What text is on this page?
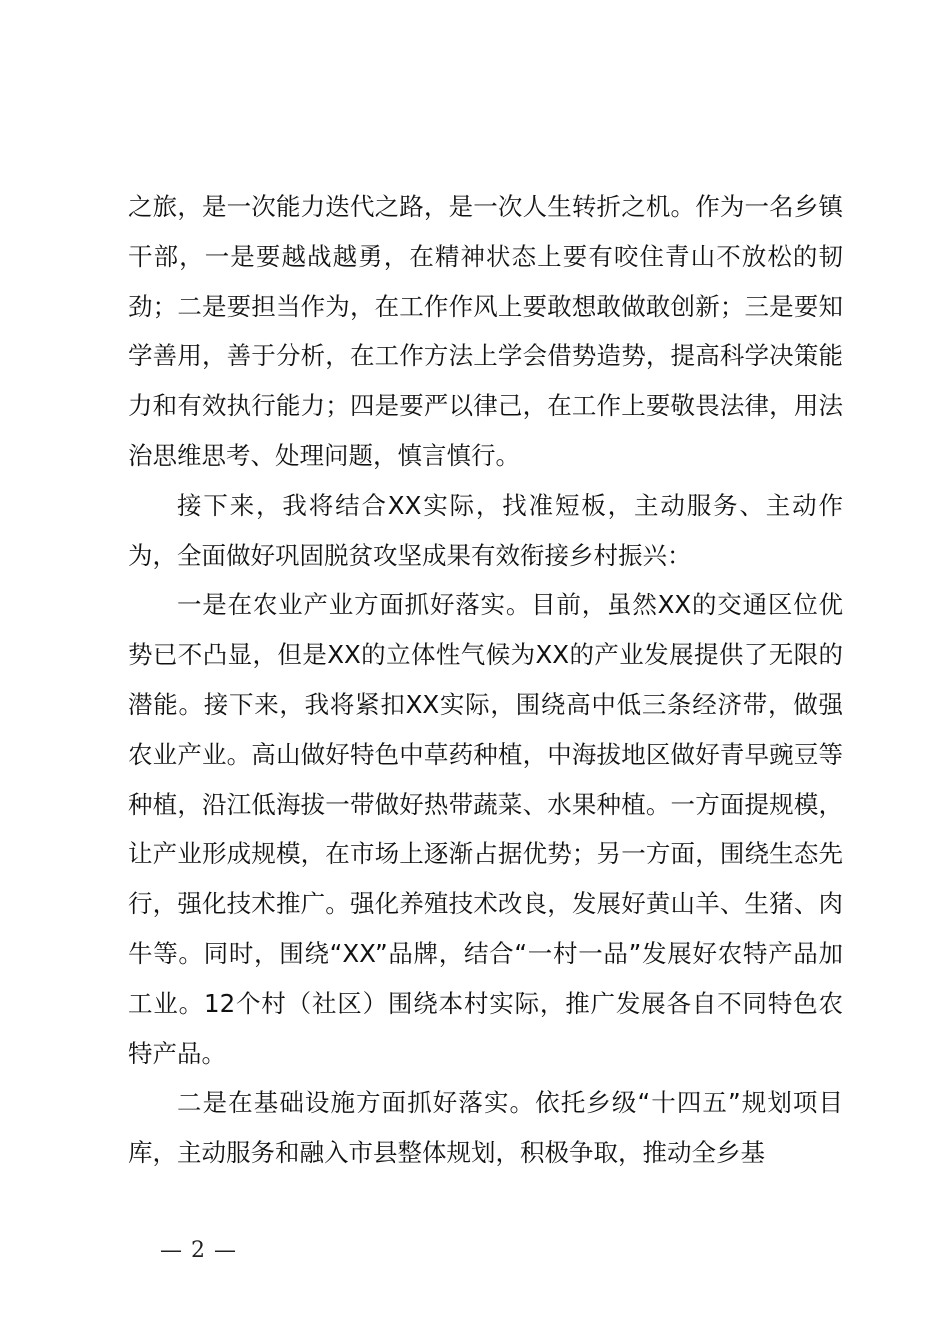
之旅，是一次能力迭代之路，是一次人生转折之机。作为一名乡镇干部，一是要越战越勇，在精神状态上要有咬住青山不放松的韧劲；二是要担当作为，在工作作风上要敢想敢做敢创新；三是要知学善用，善于分析，在工作方法上学会借势造势，提高科学决策能力和有效执行能力；四是要严以律己，在工作上要敬畏法律，用法治思维思考、处理问题，慎言慎行。

接下来，我将结合XX实际，找准短板，主动服务、主动作为，全面做好巩固脱贫攻坚成果有效衔接乡村振兴：

一是在农业产业方面抓好落实。目前，虽然XX的交通区位优势已不凸显，但是XX的立体性气候为XX的产业发展提供了无限的潜能。接下来，我将紧扣XX实际，围绕高中低三条经济带，做强农业产业。高山做好特色中草药种植，中海拔地区做好青早豌豆等种植，沿江低海拔一带做好热带蔬菜、水果种植。一方面提规模，让产业形成规模，在市场上逐渐占据优势；另一方面，围绕生态先行，强化技术推广。强化养殖技术改良，发展好黄山羊、生猪、肉牛等。同时，围绕“XX”品牌，结合“一村一品”发展好农特产品加工业。12个村（社区）围绕本村实际，推广发展各自不同特色农特产品。

二是在基础设施方面抓好落实。依托乡级“十四五”规划项目库，主动服务和融入市县整体规划，积极争取，推动全乡基

— 2 —
